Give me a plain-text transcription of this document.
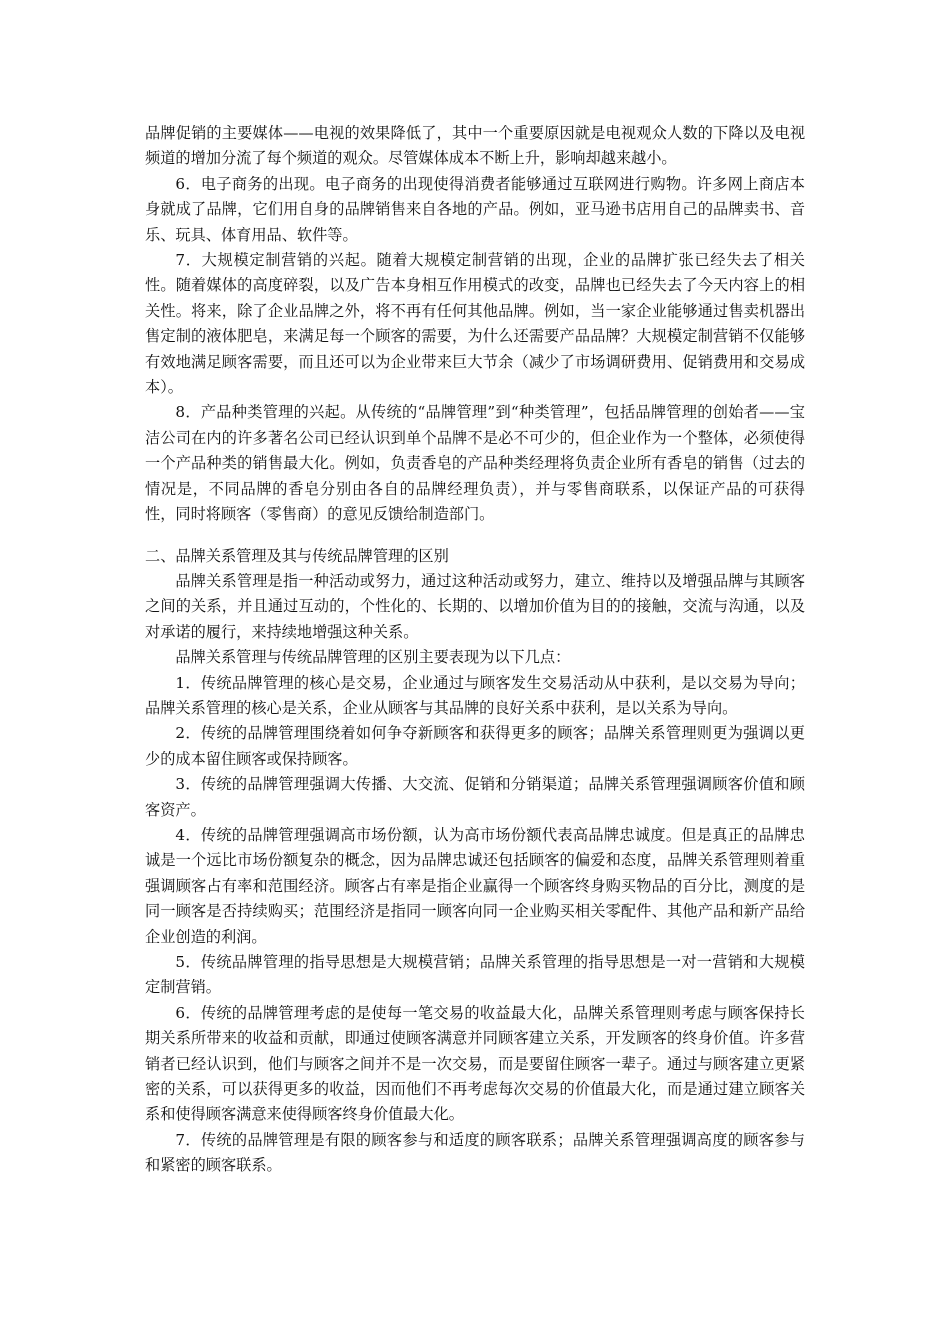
品牌促销的主要媒体——电视的效果降低了，其中一个重要原因就是电视观众人数的下降以及电视频道的增加分流了每个频道的观众。尽管媒体成本不断上升，影响却越来越小。

6．电子商务的出现。电子商务的出现使得消费者能够通过互联网进行购物。许多网上商店本身就成了品牌，它们用自身的品牌销售来自各地的产品。例如，亚马逊书店用自己的品牌卖书、音乐、玩具、体育用品、软件等。

7．大规模定制营销的兴起。随着大规模定制营销的出现，企业的品牌扩张已经失去了相关性。随着媒体的高度碎裂，以及广告本身相互作用模式的改变，品牌也已经失去了今天内容上的相关性。将来，除了企业品牌之外，将不再有任何其他品牌。例如，当一家企业能够通过售卖机器出售定制的液体肥皂，来满足每一个顾客的需要，为什么还需要产品品牌？大规模定制营销不仅能够有效地满足顾客需要，而且还可以为企业带来巨大节余（减少了市场调研费用、促销费用和交易成本）。

8．产品种类管理的兴起。从传统的“品牌管理”到“种类管理”，包括品牌管理的创始者——宝洁公司在内的许多著名公司已经认识到单个品牌不是必不可少的，但企业作为一个整体，必须使得一个产品种类的销售最大化。例如，负责香皂的产品种类经理将负责企业所有香皂的销售（过去的情况是，不同品牌的香皂分别由各自的品牌经理负责），并与零售商联系，以保证产品的可获得性，同时将顾客（零售商）的意见反馈给制造部门。

二、品牌关系管理及其与传统品牌管理的区别

品牌关系管理是指一种活动或努力，通过这种活动或努力，建立、维持以及增强品牌与其顾客之间的关系，并且通过互动的，个性化的、长期的、以增加价值为目的的接触，交流与沟通，以及对承诺的履行，来持续地增强这种关系。

品牌关系管理与传统品牌管理的区别主要表现为以下几点：

1．传统品牌管理的核心是交易，企业通过与顾客发生交易活动从中获利，是以交易为导向；品牌关系管理的核心是关系，企业从顾客与其品牌的良好关系中获利，是以关系为导向。

2．传统的品牌管理围绕着如何争夺新顾客和获得更多的顾客；品牌关系管理则更为强调以更少的成本留住顾客或保持顾客。

3．传统的品牌管理强调大传播、大交流、促销和分销渠道；品牌关系管理强调顾客价值和顾客资产。

4．传统的品牌管理强调高市场份额，认为高市场份额代表高品牌忠诚度。但是真正的品牌忠诚是一个远比市场份额复杂的概念，因为品牌忠诚还包括顾客的偏爱和态度，品牌关系管理则着重强调顾客占有率和范围经济。顾客占有率是指企业赢得一个顾客终身购买物品的百分比，测度的是同一顾客是否持续购买；范围经济是指同一顾客向同一企业购买相关零配件、其他产品和新产品给企业创造的利润。

5．传统品牌管理的指导思想是大规模营销；品牌关系管理的指导思想是一对一营销和大规模定制营销。

6．传统的品牌管理考虑的是使每一笔交易的收益最大化，品牌关系管理则考虑与顾客保持长期关系所带来的收益和贡献，即通过使顾客满意并同顾客建立关系，开发顾客的终身价值。许多营销者已经认识到，他们与顾客之间并不是一次交易，而是要留住顾客一辈子。通过与顾客建立更紧密的关系，可以获得更多的收益，因而他们不再考虑每次交易的价值最大化，而是通过建立顾客关系和使得顾客满意来使得顾客终身价值最大化。

7．传统的品牌管理是有限的顾客参与和适度的顾客联系；品牌关系管理强调高度的顾客参与和紧密的顾客联系。
